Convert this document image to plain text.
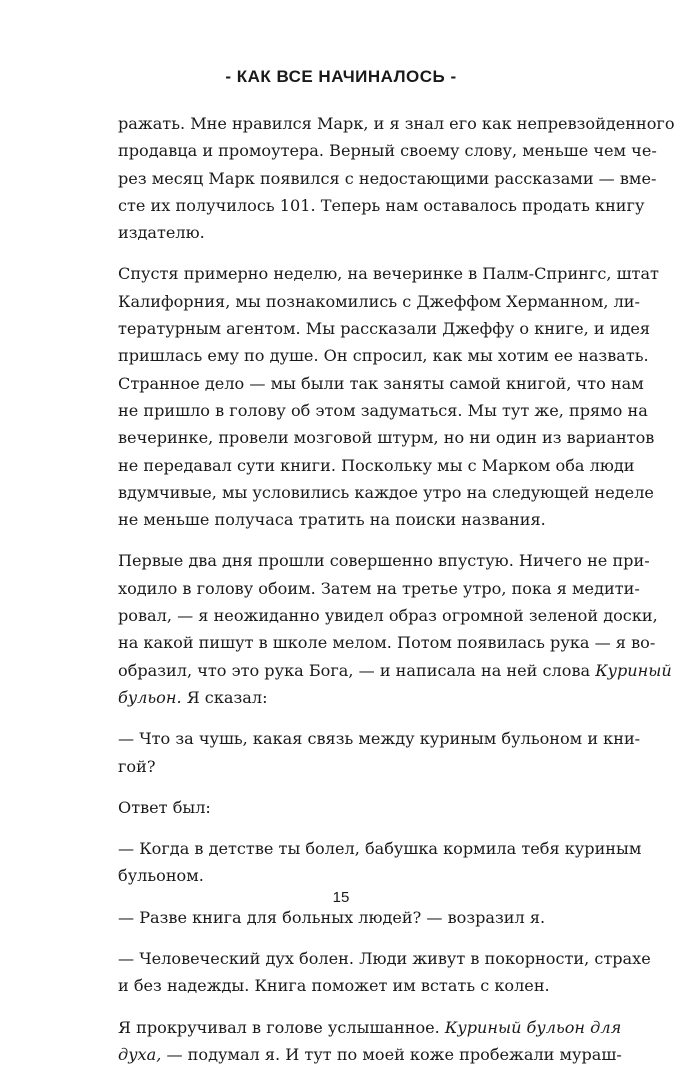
- КАК ВСЕ НАЧИНАЛОСЬ -
ражать. Мне нравился Марк, и я знал его как непревзойденного
продавца и промоутера. Верный своему слову, меньше чем че-
рез месяц Марк появился с недостающими рассказами — вме-
сте их получилось 101. Теперь нам оставалось продать книгу
издателю.
Спустя примерно неделю, на вечеринке в Палм-Спрингс, штат
Калифорния, мы познакомились с Джеффом Херманном, ли-
тературным агентом. Мы рассказали Джеффу о книге, и идея
пришлась ему по душе. Он спросил, как мы хотим ее назвать.
Странное дело — мы были так заняты самой книгой, что нам
не пришло в голову об этом задуматься. Мы тут же, прямо на
вечеринке, провели мозговой штурм, но ни один из вариантов
не передавал сути книги. Поскольку мы с Марком оба люди
вдумчивые, мы условились каждое утро на следующей неделе
не меньше получаса тратить на поиски названия.
Первые два дня прошли совершенно впустую. Ничего не при-
ходило в голову обоим. Затем на третье утро, пока я медити-
ровал, — я неожиданно увидел образ огромной зеленой доски,
на какой пишут в школе мелом. Потом появилась рука — я во-
образил, что это рука Бога, — и написала на ней слова Куриный
бульон. Я сказал:
— Что за чушь, какая связь между куриным бульоном и кни-
гой?
Ответ был:
— Когда в детстве ты болел, бабушка кормила тебя куриным
бульоном.
— Разве книга для больных людей? — возразил я.
— Человеческий дух болен. Люди живут в покорности, страхе
и без надежды. Книга поможет им встать с колен.
Я прокручивал в голове услышанное. Куриный бульон для
духа, — подумал я. И тут по моей коже пробежали мураш-
15
